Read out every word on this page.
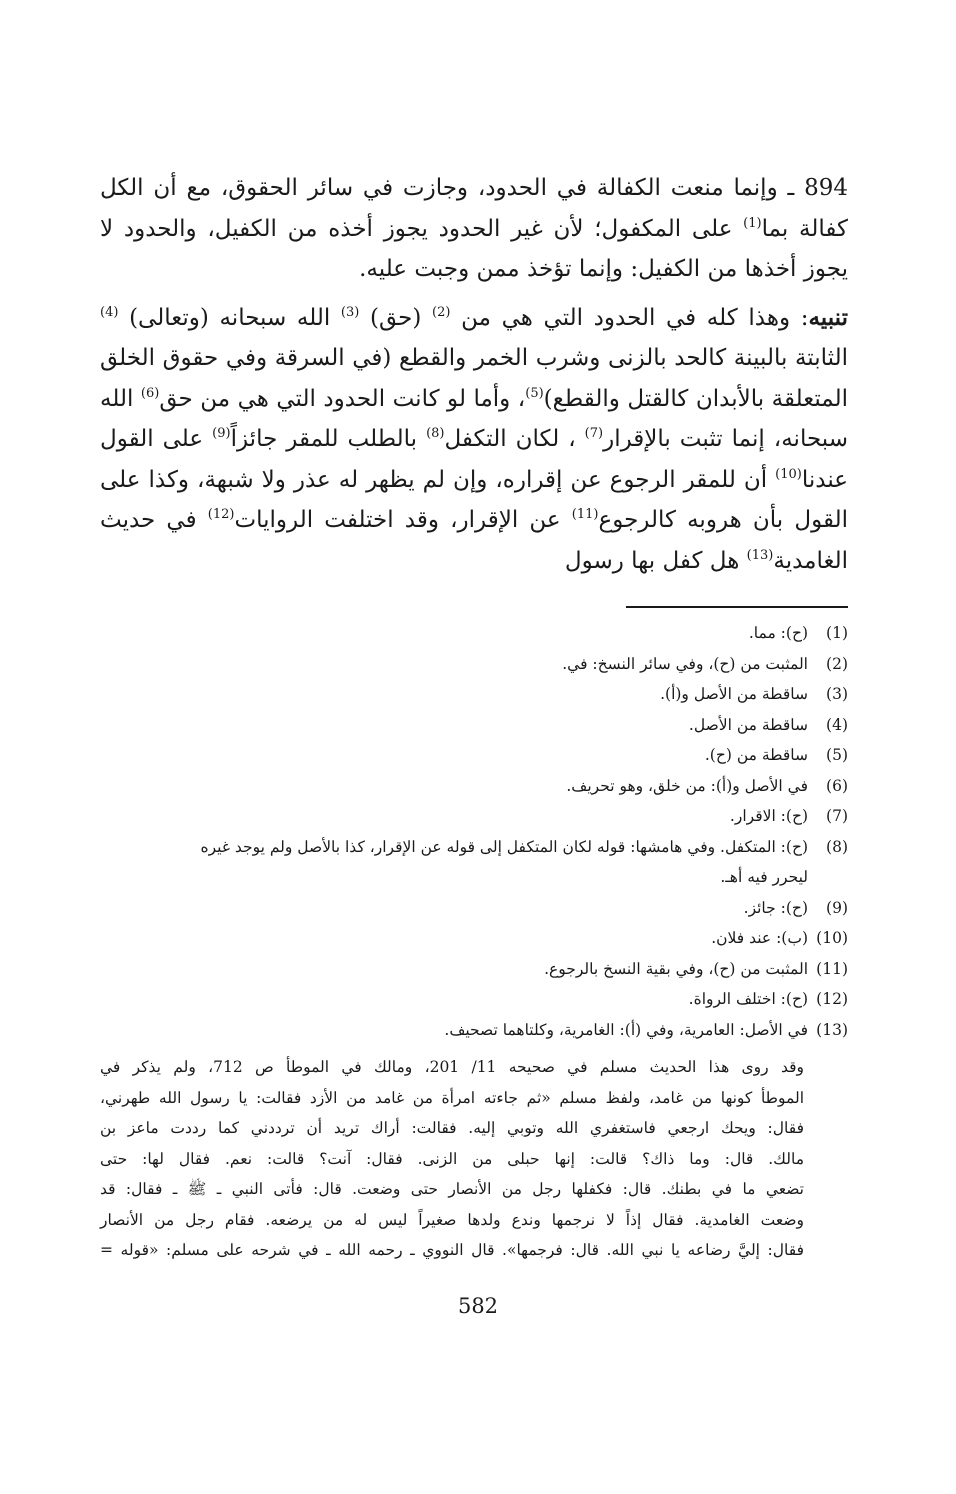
894 ـ وإنما منعت الكفالة في الحدود، وجازت في سائر الحقوق، مع أن الكل كفالة بما$^{(1)}$ على المكفول؛ لأن غير الحدود يجوز أخذه من الكفيل، والحدود لا يجوز أخذها من الكفيل: وإنما تؤخذ ممن وجبت عليه.

تنبيه: وهذا كله في الحدود التي هي من $^{(2)}$ (حق) $^{(3)}$ الله سبحانه (وتعالى) $^{(4)}$ الثابتة بالبينة كالحد بالزنى وشرب الخمر والقطع (في السرقة وفي حقوق الخلق المتعلقة بالأبدان كالقتل والقطع)$^{(5)}$، وأما لو كانت الحدود التي هي من حق$^{(6)}$ الله سبحانه، إنما تثبت بالإقرار$^{(7)}$ ، لكان التكفل$^{(8)}$ بالطلب للمقر جائزاً$^{(9)}$ على القول عندنا$^{(10)}$ أن للمقر الرجوع عن إقراره، وإن لم يظهر له عذر ولا شبهة، وكذا على القول بأن هروبه كالرجوع$^{(11)}$ عن الإقرار، وقد اختلفت الروايات$^{(12)}$ في حديث الغامدية$^{(13)}$ هل كفل بها رسول

(1)
(ح): مما.
(2)
المثبت من (ح)، وفي سائر النسخ: في.
(3)
ساقطة من الأصل و(أ).
(4)
ساقطة من الأصل.
(5)
ساقطة من (ح).
(6)
في الأصل و(أ): من خلق، وهو تحريف.
(7)
(ح): الاقرار.
(8)
(ح): المتكفل. وفي هامشها: قوله لكان المتكفل إلى قوله عن الإقرار، كذا بالأصل ولم يوجد غيره
ليحرر فيه أهـ.
(9)
(ح): جائز.
(10)
(ب): عند فلان.
(11)
المثبت من (ح)، وفي بقية النسخ بالرجوع.
(12)
(ح): اختلف الرواة.
(13)
في الأصل: العامرية، وفي (أ): الغامرية، وكلتاهما تصحيف.

وقد روى هذا الحديث مسلم في صحيحه 11/ 201، ومالك في الموطأ ص 712، ولم يذكر في

الموطأ كونها من غامد، ولفظ مسلم «ثم جاءته امرأة من غامد من الأزد فقالت: يا رسول الله طهرني،

فقال: ويحك ارجعي فاستغفري الله وتوبي إليه. فقالت: أراك تريد أن ترددني كما رددت ماعز بن

مالك. قال: وما ذاك؟ قالت: إنها حبلى من الزنى. فقال: آنت؟ قالت: نعم. فقال لها: حتى

تضعي ما في بطنك. قال: فكفلها رجل من الأنصار حتى وضعت. قال: فأتى النبي ـ ﷺ ـ فقال: قد

وضعت الغامدية. فقال إذاً لا نرجمها وندع ولدها صغيراً ليس له من يرضعه. فقام رجل من الأنصار

فقال: إليَّ رضاعه يا نبي الله. قال: فرجمها». قال النووي ـ رحمه الله ـ في شرحه على مسلم: «قوله =

582
